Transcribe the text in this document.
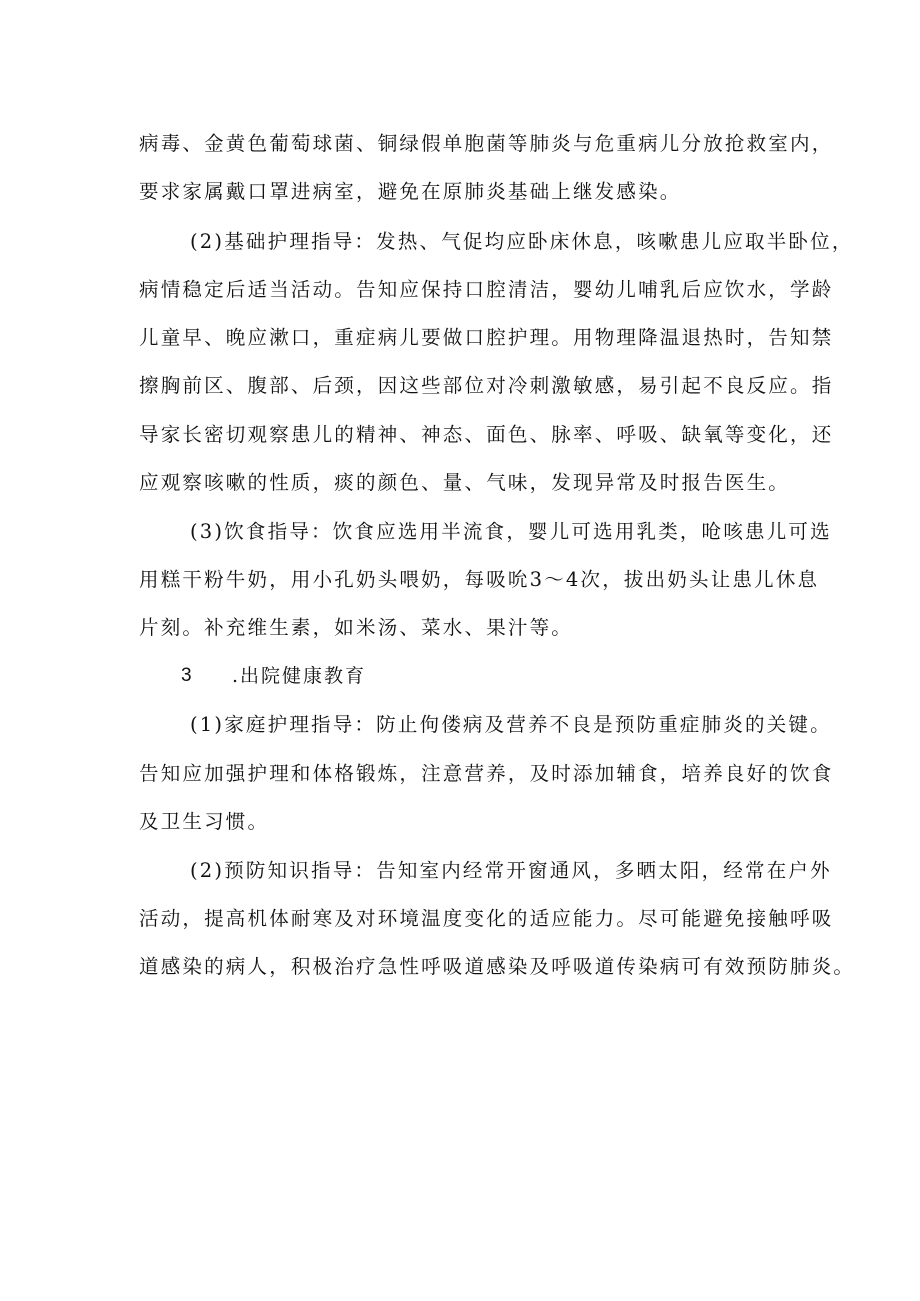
病毒、金黄色葡萄球菌、铜绿假单胞菌等肺炎与危重病儿分放抢救室内，
要求家属戴口罩进病室，避免在原肺炎基础上继发感染。
(2)基础护理指导：发热、气促均应卧床休息，咳嗽患儿应取半卧位，
病情稳定后适当活动。告知应保持口腔清洁，婴幼儿哺乳后应饮水，学龄
儿童早、晚应漱口，重症病儿要做口腔护理。用物理降温退热时，告知禁
擦胸前区、腹部、后颈，因这些部位对冷刺激敏感，易引起不良反应。指
导家长密切观察患儿的精神、神态、面色、脉率、呼吸、缺氧等变化，还
应观察咳嗽的性质，痰的颜色、量、气味，发现异常及时报告医生。
(3)饮食指导：饮食应选用半流食，婴儿可选用乳类，呛咳患儿可选
用糕干粉牛奶，用小孔奶头喂奶，每吸吮3～4次，拔出奶头让患儿休息
片刻。补充维生素，如米汤、菜水、果汁等。
3 .出院健康教育
(1)家庭护理指导：防止佝偻病及营养不良是预防重症肺炎的关键。
告知应加强护理和体格锻炼，注意营养，及时添加辅食，培养良好的饮食
及卫生习惯。
(2)预防知识指导：告知室内经常开窗通风，多晒太阳，经常在户外
活动，提高机体耐寒及对环境温度变化的适应能力。尽可能避免接触呼吸
道感染的病人，积极治疗急性呼吸道感染及呼吸道传染病可有效预防肺炎。
